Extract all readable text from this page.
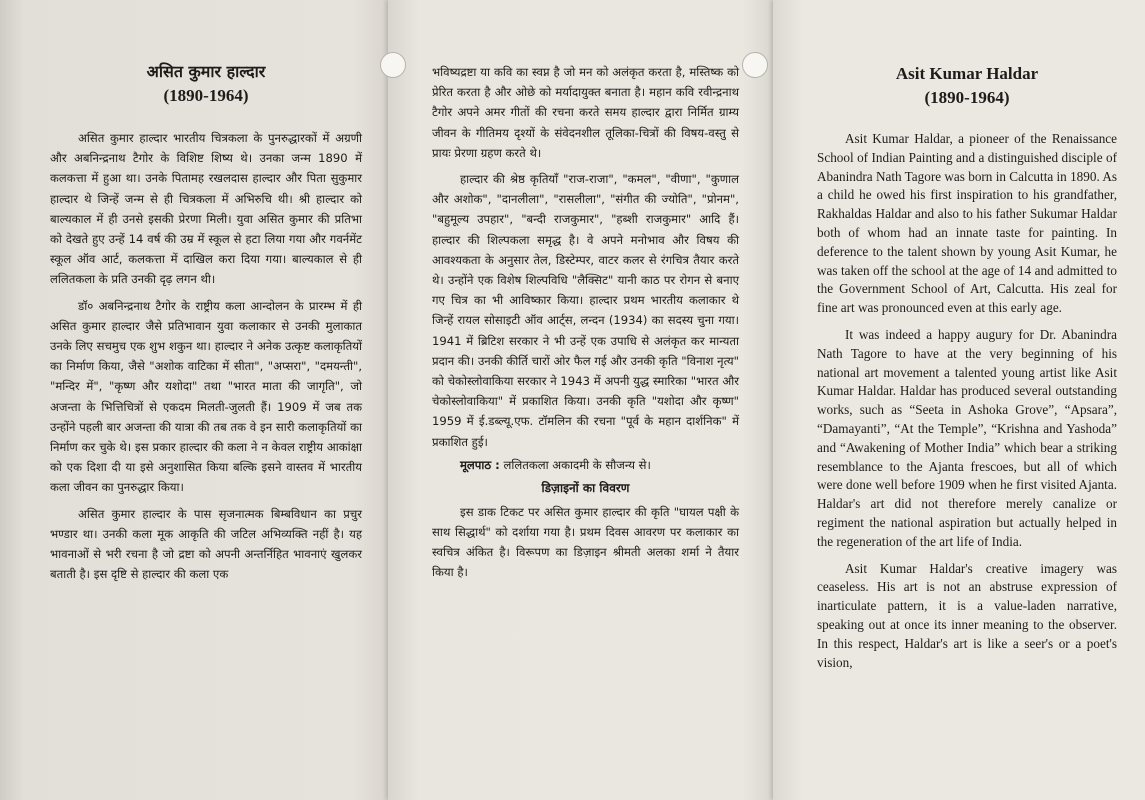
असित कुमार हाल्दार

(1890-1964)

असित कुमार हाल्दार भारतीय चित्रकला के पुनरुद्धारकों में अग्रणी और अबनिन्द्रनाथ टैगोर के विशिष्ट शिष्य थे। उनका जन्म 1890 में कलकत्ता में हुआ था। उनके पितामह रखलदास हाल्दार और पिता सुकुमार हाल्दार थे जिन्हें जन्म से ही चित्रकला में अभिरुचि थी। श्री हाल्दार को बाल्यकाल में ही उनसे इसकी प्रेरणा मिली। युवा असित कुमार की प्रतिभा को देखते हुए उन्हें 14 वर्ष की उम्र में स्कूल से हटा लिया गया और गवर्नमेंट स्कूल ऑव आर्ट, कलकत्ता में दाखिल करा दिया गया। बाल्यकाल से ही ललितकला के प्रति उनकी दृढ़ लगन थी।

डॉ० अबनिन्द्रनाथ टैगोर के राष्ट्रीय कला आन्दोलन के प्रारम्भ में ही असित कुमार हाल्दार जैसे प्रतिभावान युवा कलाकार से उनकी मुलाकात उनके लिए सचमुच एक शुभ शकुन था। हाल्दार ने अनेक उत्कृष्ट कलाकृतियों का निर्माण किया, जैसे "अशोक वाटिका में सीता", "अप्सरा", "दमयन्ती", "मन्दिर में", "कृष्ण और यशोदा" तथा "भारत माता की जागृति", जो अजन्ता के भित्तिचित्रों से एकदम मिलती-जुलती हैं। 1909 में जब तक उन्होंने पहली बार अजन्ता की यात्रा की तब तक वे इन सारी कलाकृतियों का निर्माण कर चुके थे। इस प्रकार हाल्दार की कला ने न केवल राष्ट्रीय आकांक्षा को एक दिशा दी या इसे अनुशासित किया बल्कि इसने वास्तव में भारतीय कला जीवन का पुनरुद्धार किया।

असित कुमार हाल्दार के पास सृजनात्मक बिम्बविधान का प्रचुर भण्डार था। उनकी कला मूक आकृति की जटिल अभिव्यक्ति नहीं है। यह भावनाओं से भरी रचना है जो द्रष्टा को अपनी अन्तर्निहित भावनाएं खुलकर बताती है। इस दृष्टि से हाल्दार की कला एक

भविष्यद्रष्टा या कवि का स्वप्न है जो मन को अलंकृत करता है, मस्तिष्क को प्रेरित करता है और ओछे को मर्यादायुक्त बनाता है। महान कवि रवीन्द्रनाथ टैगोर अपने अमर गीतों की रचना करते समय हाल्दार द्वारा निर्मित ग्राम्य जीवन के गीतिमय दृश्यों के संवेदनशील तूलिका-चित्रों की विषय-वस्तु से प्रायः प्रेरणा ग्रहण करते थे।

हाल्दार की श्रेष्ठ कृतियाँ "राज-राजा", "कमल", "वीणा", "कुणाल और अशोक", "दानलीला", "रासलीला", "संगीत की ज्योति", "प्रोनम", "बहुमूल्य उपहार", "बन्दी राजकुमार", "हब्शी राजकुमार" आदि हैं। हाल्दार की शिल्पकला समृद्ध है। वे अपने मनोभाव और विषय की आवश्यकता के अनुसार तेल, डिस्टेम्पर, वाटर कलर से रंगचित्र तैयार करते थे। उन्होंने एक विशेष शिल्पविधि "लैक्सिट" यानी काठ पर रोगन से बनाए गए चित्र का भी आविष्कार किया। हाल्दार प्रथम भारतीय कलाकार थे जिन्हें रायल सोसाइटी ऑव आर्ट्स, लन्दन (1934) का सदस्य चुना गया। 1941 में ब्रिटिश सरकार ने भी उन्हें एक उपाधि से अलंकृत कर मान्यता प्रदान की। उनकी कीर्ति चारों ओर फैल गई और उनकी कृति "विनाश नृत्य" को चेकोस्लोवाकिया सरकार ने 1943 में अपनी युद्ध स्मारिका "भारत और चेकोस्लोवाकिया" में प्रकाशित किया। उनकी कृति "यशोदा और कृष्ण" 1959 में ई.डब्ल्यू.एफ. टॉमलिन की रचना "पूर्व के महान दार्शनिक" में प्रकाशित हुई।

मूलपाठ : ललितकला अकादमी के सौजन्य से।

डिज़ाइनों का विवरण

इस डाक टिकट पर असित कुमार हाल्दार की कृति "घायल पक्षी के साथ सिद्धार्थ" को दर्शाया गया है। प्रथम दिवस आवरण पर कलाकार का स्वचित्र अंकित है। विरूपण का डिज़ाइन श्रीमती अलका शर्मा ने तैयार किया है।

Asit Kumar Haldar

(1890-1964)

Asit Kumar Haldar, a pioneer of the Renaissance School of Indian Painting and a distinguished disciple of Abanindra Nath Tagore was born in Calcutta in 1890. As a child he owed his first inspiration to his grandfather, Rakhaldas Haldar and also to his father Sukumar Haldar both of whom had an innate taste for painting. In deference to the talent shown by young Asit Kumar, he was taken off the school at the age of 14 and admitted to the Government School of Art, Calcutta. His zeal for fine art was pronounced even at this early age.

It was indeed a happy augury for Dr. Abanindra Nath Tagore to have at the very beginning of his national art movement a talented young artist like Asit Kumar Haldar. Haldar has produced several outstanding works, such as “Seeta in Ashoka Grove”, “Apsara”, “Damayanti”, “At the Temple”, “Krishna and Yashoda” and “Awakening of Mother India” which bear a striking resemblance to the Ajanta frescoes, but all of which were done well before 1909 when he first visited Ajanta. Haldar's art did not therefore merely canalize or regiment the national aspiration but actually helped in the regeneration of the art life of India.

Asit Kumar Haldar's creative imagery was ceaseless. His art is not an abstruse expression of inarticulate pattern, it is a value-laden narrative, speaking out at once its inner meaning to the observer. In this respect, Haldar's art is like a seer's or a poet's vision,
